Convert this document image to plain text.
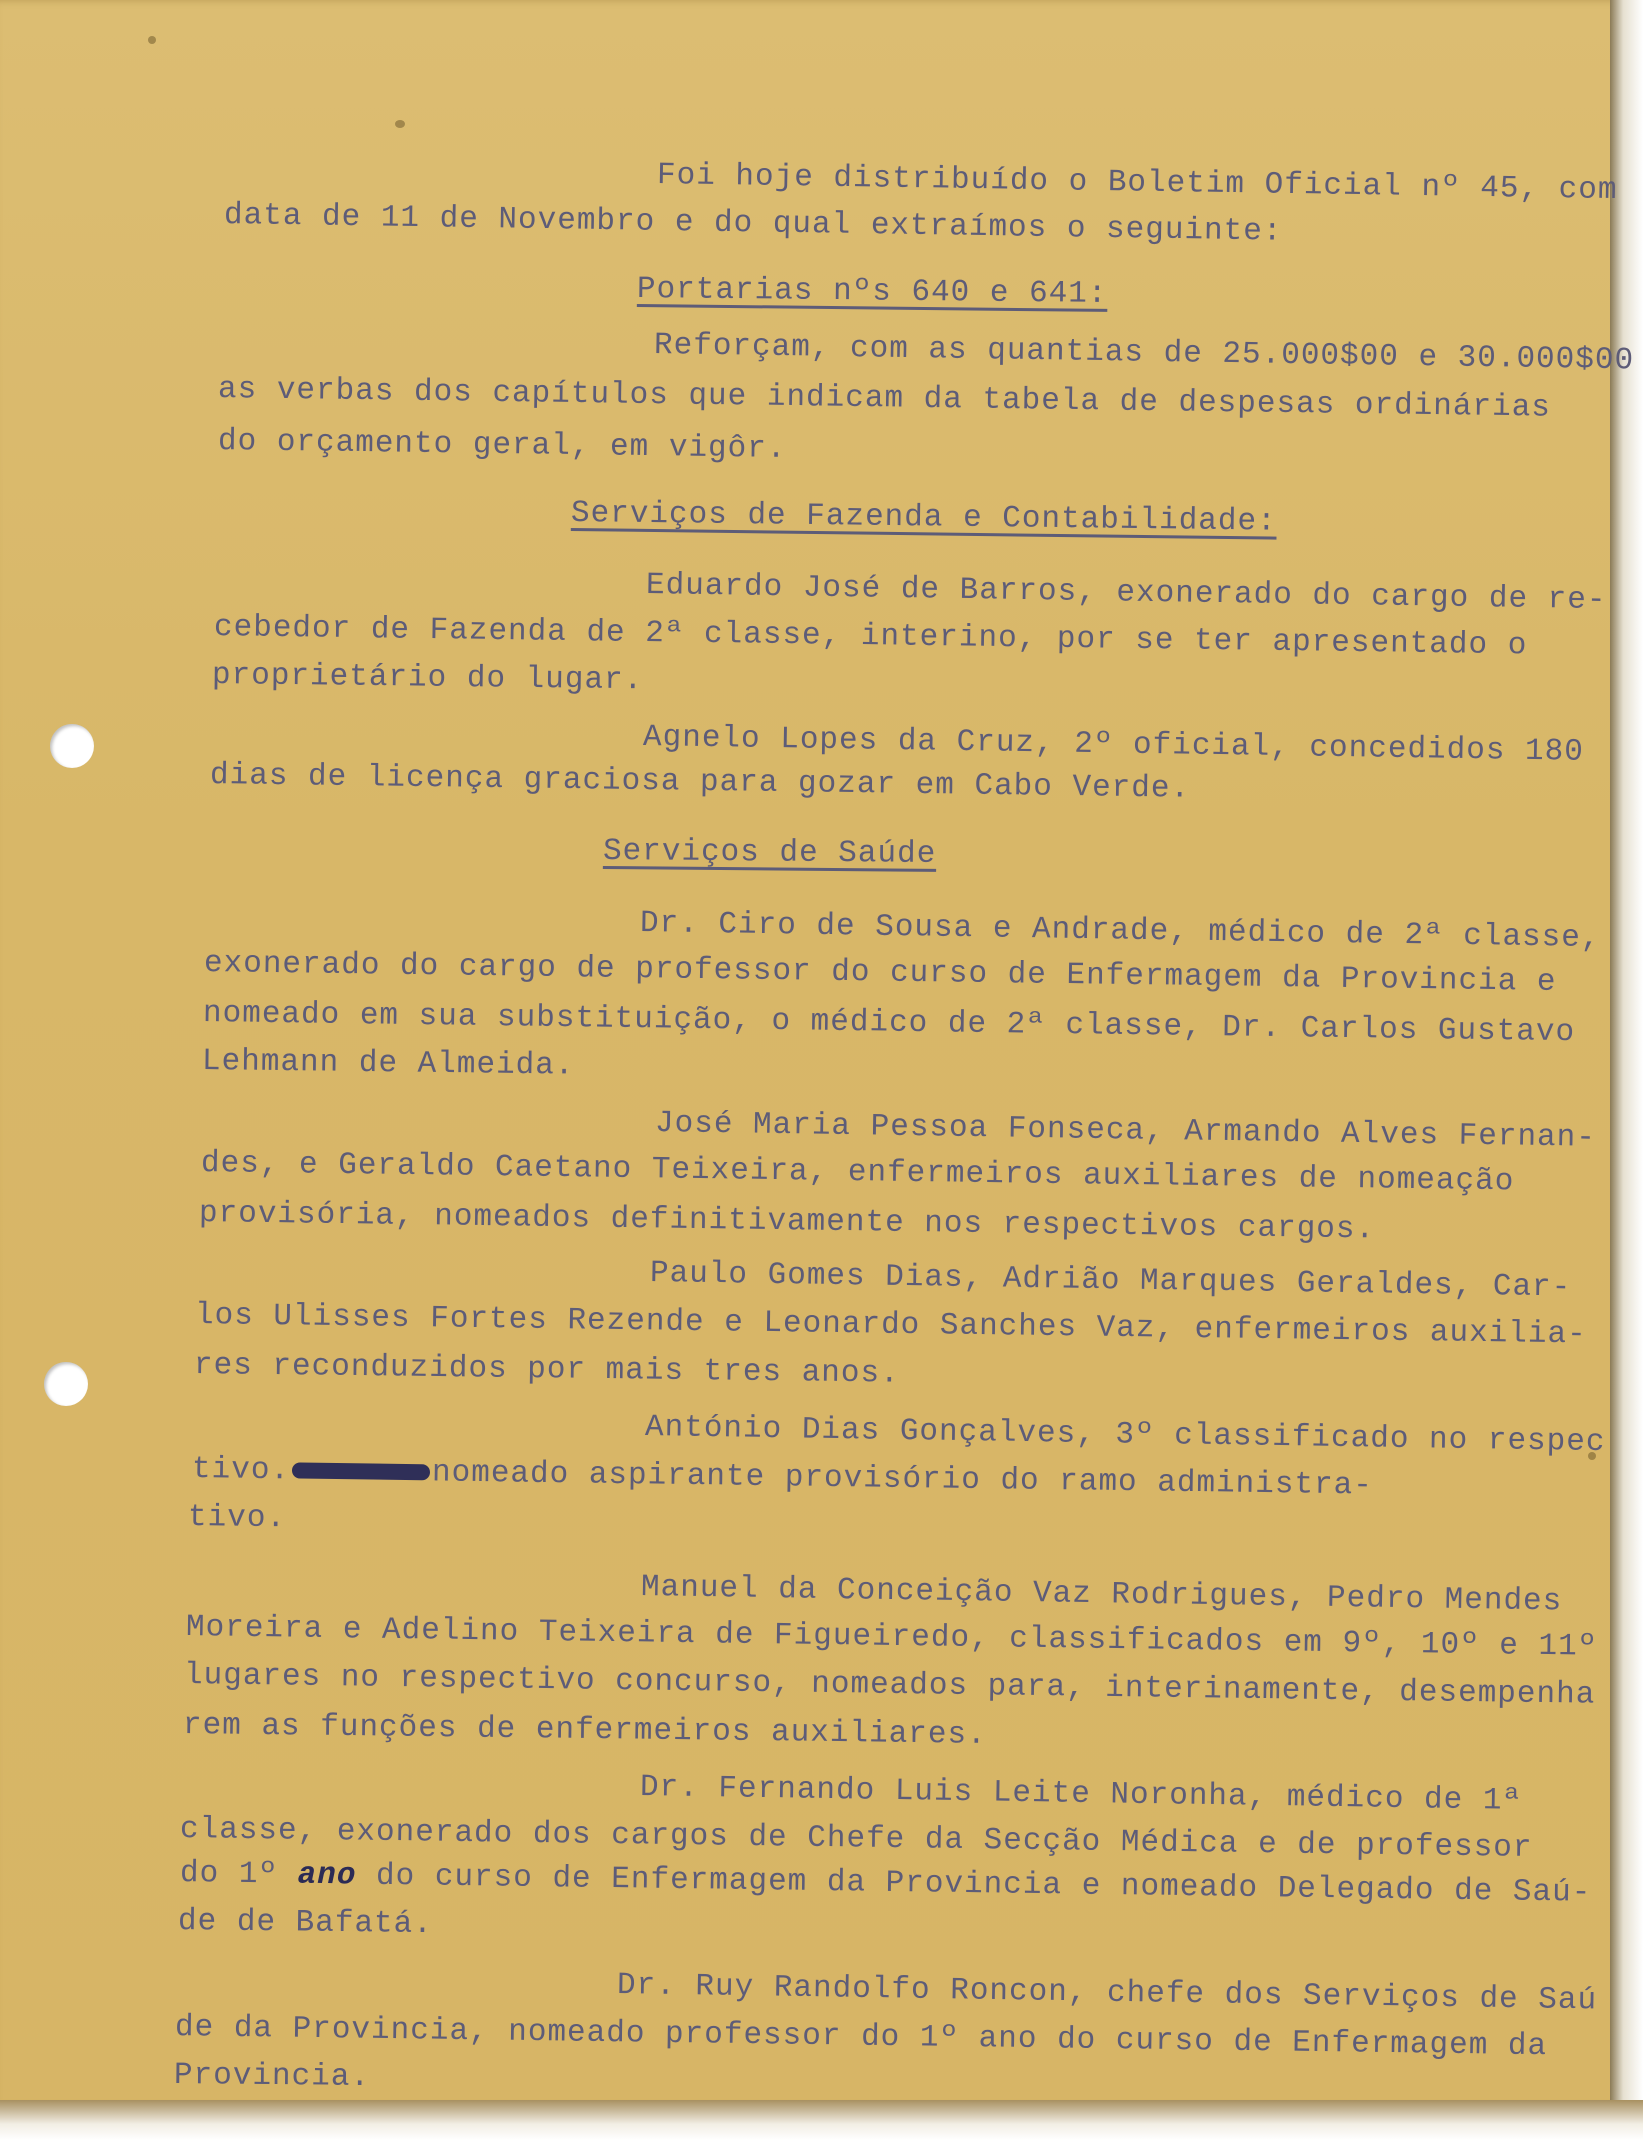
Foi hoje distribuído o Boletim Oficial nº 45, com
data de 11 de Novembro e do qual extraímos o seguinte:
Portarias nºs 640 e 641:
Reforçam, com as quantias de 25.000$00 e 30.000$00
as verbas dos capítulos que indicam da tabela de despesas ordinárias
do orçamento geral, em vigôr.
Serviços de Fazenda e Contabilidade:
Eduardo José de Barros, exonerado do cargo de re-
cebedor de Fazenda de 2ª classe, interino, por se ter apresentado o
proprietário do lugar.
Agnelo Lopes da Cruz, 2º oficial, concedidos 180
dias de licença graciosa para gozar em Cabo Verde.
Serviços de Saúde
Dr. Ciro de Sousa e Andrade, médico de 2ª classe,
exonerado do cargo de professor do curso de Enfermagem da Provincia e
nomeado em sua substituição, o médico de 2ª classe, Dr. Carlos Gustavo
Lehmann de Almeida.
José Maria Pessoa Fonseca, Armando Alves Fernan-
des, e Geraldo Caetano Teixeira, enfermeiros auxiliares de nomeação
provisória, nomeados definitivamente nos respectivos cargos.
Paulo Gomes Dias, Adrião Marques Geraldes, Car-
los Ulisses Fortes Rezende e Leonardo Sanches Vaz, enfermeiros auxilia-
res reconduzidos por mais tres anos.
António Dias Gonçalves, 3º classificado no respec
tivo.
Manuel da Conceição Vaz Rodrigues, Pedro Mendes
Moreira e Adelino Teixeira de Figueiredo, classificados em 9º, 10º e 11º
lugares no respectivo concurso, nomeados para, interinamente, desempenha
rem as funções de enfermeiros auxiliares.
Dr. Fernando Luis Leite Noronha, médico de 1ª
classe, exonerado dos cargos de Chefe da Secção Médica e de professor
de de Bafatá.
Dr. Ruy Randolfo Roncon, chefe dos Serviços de Saú
de da Provincia, nomeado professor do 1º ano do curso de Enfermagem da
Provincia.
tivo.	nomeado aspirante provisório do ramo administra-
do 1º ano do curso de Enfermagem da Provincia e nomeado Delegado de Saú-
